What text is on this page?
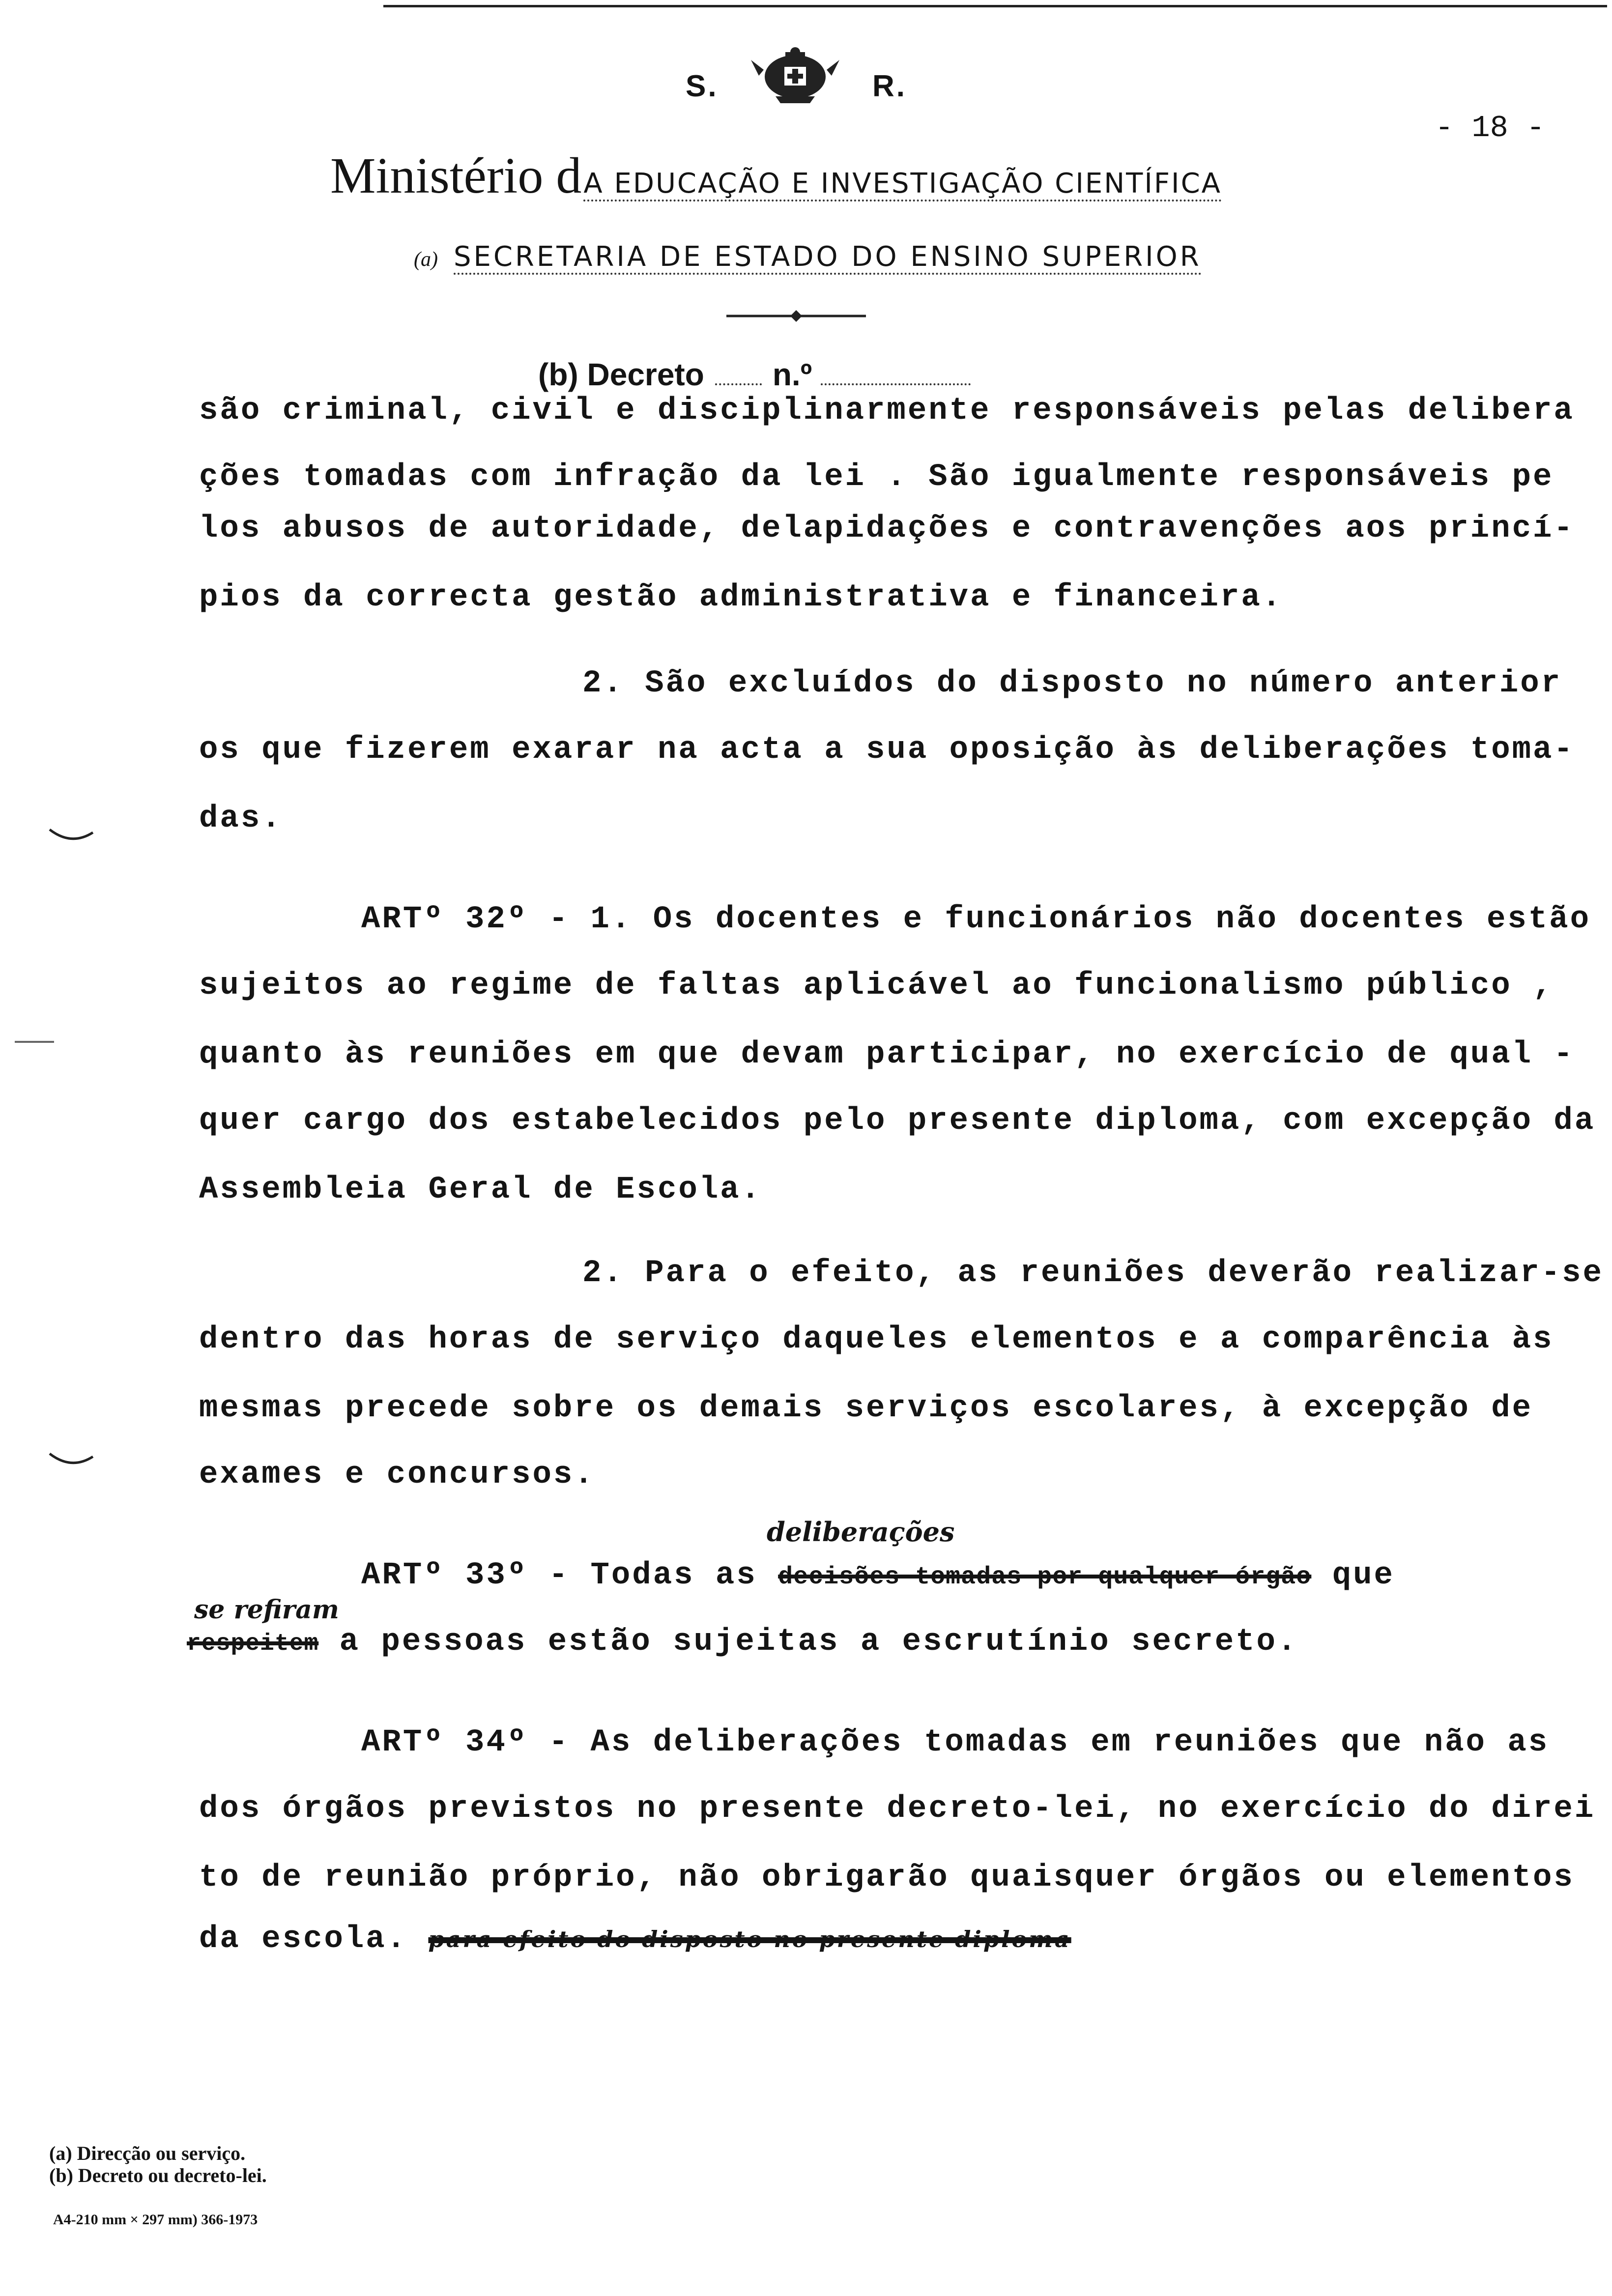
S.	R.
- 18 -
Ministério d A EDUCAÇÃO E INVESTIGAÇÃO CIENTÍFICA
(a) SECRETARIA DE ESTADO DO ENSINO SUPERIOR
(b) Decreto n.º
são criminal, civil e disciplinarmente responsáveis pelas delibera
ções tomadas com infração da lei . São igualmente responsáveis pe
los abusos de autoridade, delapidações e contravenções aos princí-
pios da correcta gestão administrativa e financeira.
2. São excluídos do disposto no número anterior
os que fizerem exarar na acta a sua oposição às deliberações toma-
das.
ARTº 32º - 1. Os docentes e funcionários não docentes estão
sujeitos ao regime de faltas aplicável ao funcionalismo público ,
quanto às reuniões em que devam participar, no exercício de qual -
quer cargo dos estabelecidos pelo presente diploma, com excepção da
Assembleia Geral de Escola.
2. Para o efeito, as reuniões deverão realizar-se
dentro das horas de serviço daqueles elementos e a comparência às
mesmas precede sobre os demais serviços escolares, à excepção de
exames e concursos.
deliberações
ARTº 33º - Todas as decisões tomadas por qualquer órgão que
se refiram
respeitem a pessoas estão sujeitas a escrutínio secreto.
ARTº 34º - As deliberações tomadas em reuniões que não as
dos órgãos previstos no presente decreto-lei, no exercício do direi
to de reunião próprio, não obrigarão quaisquer órgãos ou elementos
da escola. para efeito do disposto no presente diploma
(a) Direcção ou serviço.
(b) Decreto ou decreto-lei.
A4-210 mm × 297 mm) 366-1973
